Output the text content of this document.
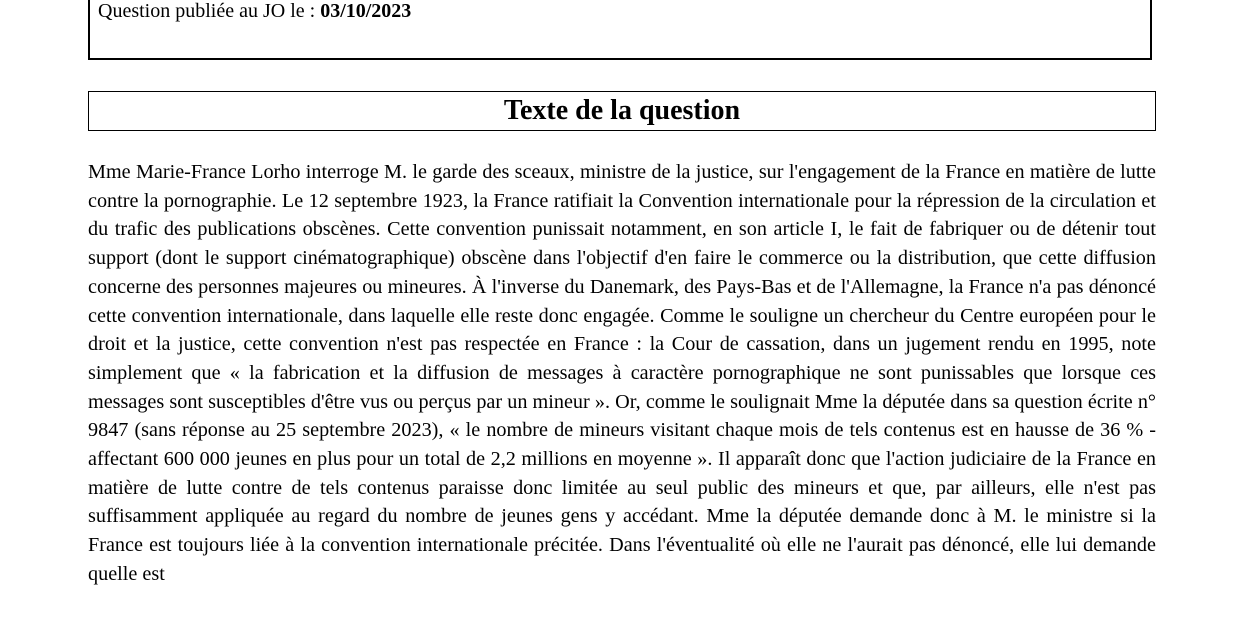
Question publiée au JO le : 03/10/2023
Texte de la question

Mme Marie-France Lorho interroge M. le garde des sceaux, ministre de la justice, sur l'engagement de la France en matière de lutte contre la pornographie. Le 12 septembre 1923, la France ratifiait la Convention internationale pour la répression de la circulation et du trafic des publications obscènes. Cette convention punissait notamment, en son article I, le fait de fabriquer ou de détenir tout support (dont le support cinématographique) obscène dans l'objectif d'en faire le commerce ou la distribution, que cette diffusion concerne des personnes majeures ou mineures. À l'inverse du Danemark, des Pays-Bas et de l'Allemagne, la France n'a pas dénoncé cette convention internationale, dans laquelle elle reste donc engagée. Comme le souligne un chercheur du Centre européen pour le droit et la justice, cette convention n'est pas respectée en France : la Cour de cassation, dans un jugement rendu en 1995, note simplement que « la fabrication et la diffusion de messages à caractère pornographique ne sont punissables que lorsque ces messages sont susceptibles d'être vus ou perçus par un mineur ». Or, comme le soulignait Mme la députée dans sa question écrite n° 9847 (sans réponse au 25 septembre 2023), « le nombre de mineurs visitant chaque mois de tels contenus est en hausse de 36 % - affectant 600 000 jeunes en plus pour un total de 2,2 millions en moyenne ». Il apparaît donc que l'action judiciaire de la France en matière de lutte contre de tels contenus paraisse donc limitée au seul public des mineurs et que, par ailleurs, elle n'est pas suffisamment appliquée au regard du nombre de jeunes gens y accédant. Mme la députée demande donc à M. le ministre si la France est toujours liée à la convention internationale précitée. Dans l'éventualité où elle ne l'aurait pas dénoncé, elle lui demande quelle est
